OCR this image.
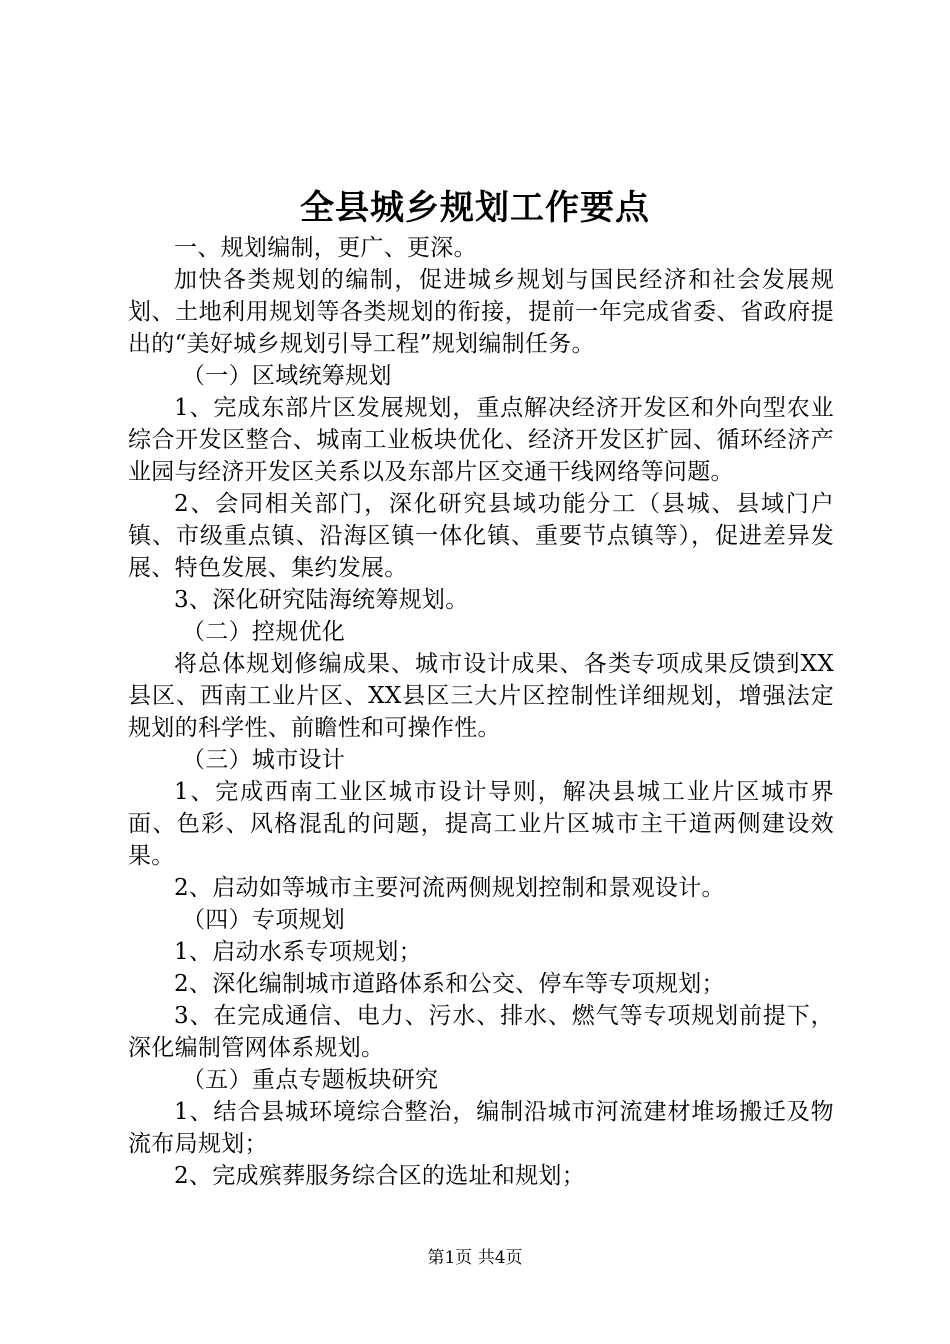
全县城乡规划工作要点

一、规划编制，更广、更深。

加快各类规划的编制，促进城乡规划与国民经济和社会发展规划、土地利用规划等各类规划的衔接，提前一年完成省委、省政府提出的“美好城乡规划引导工程”规划编制任务。

（一）区域统筹规划

1、完成东部片区发展规划，重点解决经济开发区和外向型农业综合开发区整合、城南工业板块优化、经济开发区扩园、循环经济产业园与经济开发区关系以及东部片区交通干线网络等问题。

2、会同相关部门，深化研究县域功能分工（县城、县域门户镇、市级重点镇、沿海区镇一体化镇、重要节点镇等），促进差异发展、特色发展、集约发展。

3、深化研究陆海统筹规划。

（二）控规优化

将总体规划修编成果、城市设计成果、各类专项成果反馈到XX县区、西南工业片区、XX县区三大片区控制性详细规划，增强法定规划的科学性、前瞻性和可操作性。

（三）城市设计

1、完成西南工业区城市设计导则，解决县城工业片区城市界面、色彩、风格混乱的问题，提高工业片区城市主干道两侧建设效果。

2、启动如等城市主要河流两侧规划控制和景观设计。

（四）专项规划

1、启动水系专项规划；

2、深化编制城市道路体系和公交、停车等专项规划；

3、在完成通信、电力、污水、排水、燃气等专项规划前提下，深化编制管网体系规划。

（五）重点专题板块研究

1、结合县城环境综合整治，编制沿城市河流建材堆场搬迁及物流布局规划；

2、完成殡葬服务综合区的选址和规划；

第1页 共4页
